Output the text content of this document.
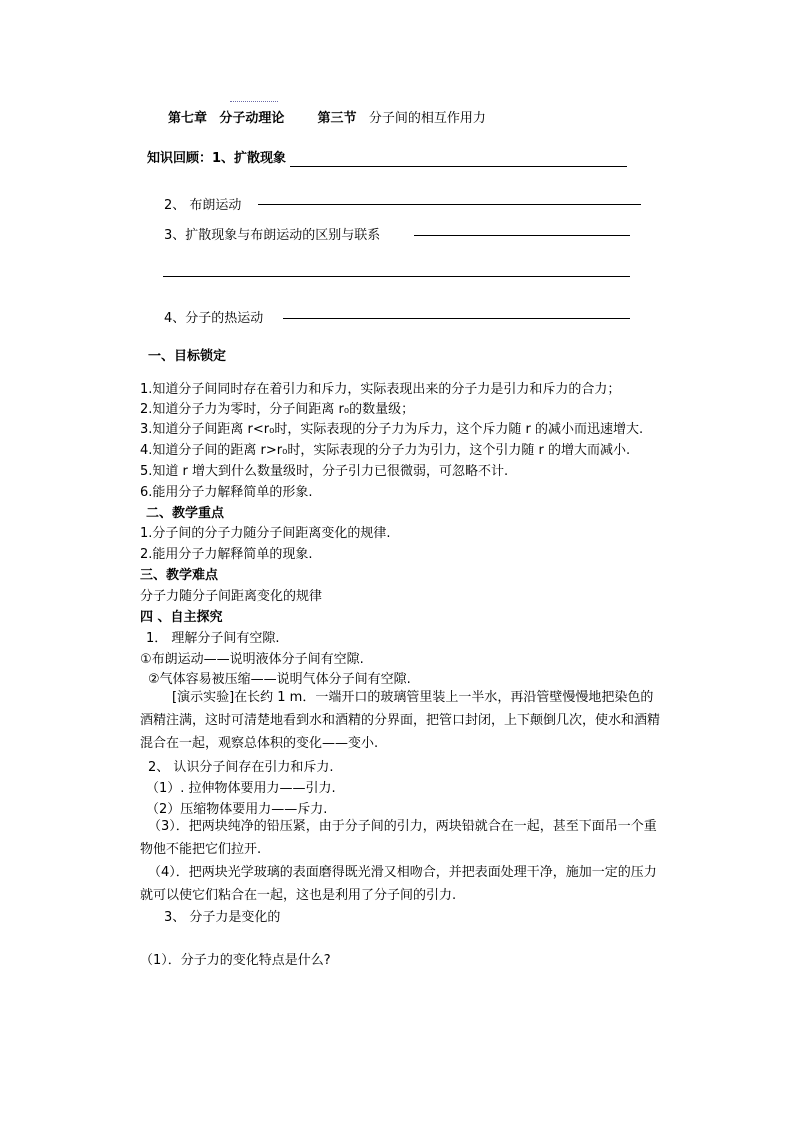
第七章 分子动理论	第三节 分子间的相互作用力
知识回顾：1、扩散现象
2、 布朗运动
3、扩散现象与布朗运动的区别与联系
4、分子的热运动
一、目标锁定
1.知道分子间同时存在着引力和斥力，实际表现出来的分子力是引力和斥力的合力；
2.知道分子力为零时，分子间距离 r₀的数量级；
3.知道分子间距离 r<r₀时，实际表现的分子力为斥力，这个斥力随 r 的减小而迅速增大.
4.知道分子间的距离 r>r₀时，实际表现的分子力为引力，这个引力随 r 的增大而减小.
5.知道 r 增大到什么数量级时，分子引力已很微弱，可忽略不计.
6.能用分子力解释简单的形象.
二、教学重点
1.分子间的分子力随分子间距离变化的规律.
2.能用分子力解释简单的现象.
三、教学难点
分子力随分子间距离变化的规律
四 、自主探究
1． 理解分子间有空隙.
①布朗运动——说明液体分子间有空隙.
②气体容易被压缩——说明气体分子间有空隙.
[演示实验]在长约 1 m．一端开口的玻璃管里装上一半水，再沿管壁慢慢地把染色的酒精注满，这时可清楚地看到水和酒精的分界面，把管口封闭，上下颠倒几次，使水和酒精混合在一起，观察总体积的变化——变小.
2、 认识分子间存在引力和斥力.
（1）. 拉伸物体要用力——引力.
（2）压缩物体要用力——斥力.
（3）．把两块纯净的铅压紧，由于分子间的引力，两块铅就合在一起，甚至下面吊一个重物他不能把它们拉开.
（4）．把两块光学玻璃的表面磨得既光滑又相吻合，并把表面处理干净，施加一定的压力就可以使它们粘合在一起，这也是利用了分子间的引力.
3、 分子力是变化的
（1）．分子力的变化特点是什么?
